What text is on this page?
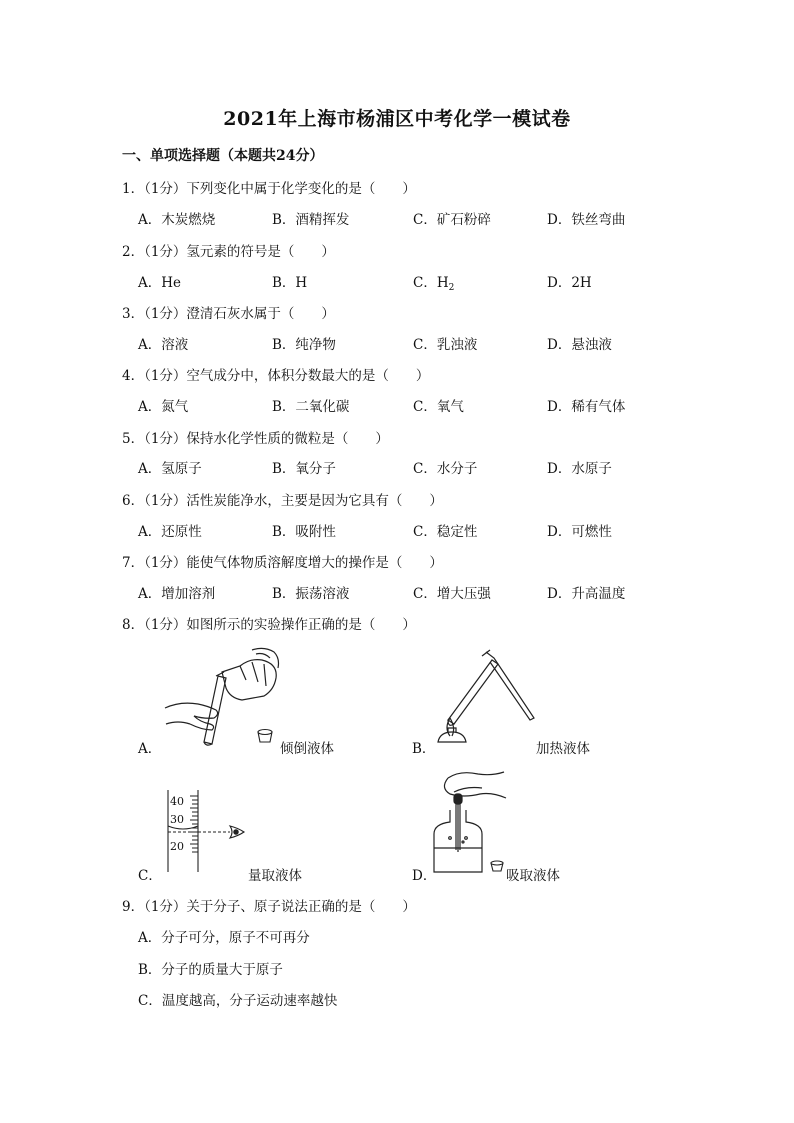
2021年上海市杨浦区中考化学一模试卷
一、单项选择题（本题共24分）
1．（1分）下列变化中属于化学变化的是（　　）
A．木炭燃烧	B．酒精挥发	C．矿石粉碎	D．铁丝弯曲
2．（1分）氢元素的符号是（　　）
A．He	B．H	C．$H_2$	D．2H
3．（1分）澄清石灰水属于（　　）
A．溶液	B．纯净物	C．乳浊液	D．悬浊液
4．（1分）空气成分中，体积分数最大的是（　　）
A．氮气	B．二氧化碳	C．氧气	D．稀有气体
5．（1分）保持水化学性质的微粒是（　　）
A．氢原子	B．氧分子	C．水分子	D．水原子
6．（1分）活性炭能净水，主要是因为它具有（　　）
A．还原性	B．吸附性	C．稳定性	D．可燃性
7．（1分）能使气体物质溶解度增大的操作是（　　）
A．增加溶剂	B．振荡溶液	C．增大压强	D．升高温度
8．（1分）如图所示的实验操作正确的是（　　）
A．	倾倒液体	B．	加热液体
40
30
20
C．	量取液体	D．	吸取液体
9．（1分）关于分子、原子说法正确的是（　　）
A．分子可分，原子不可再分
B．分子的质量大于原子
C．温度越高，分子运动速率越快
